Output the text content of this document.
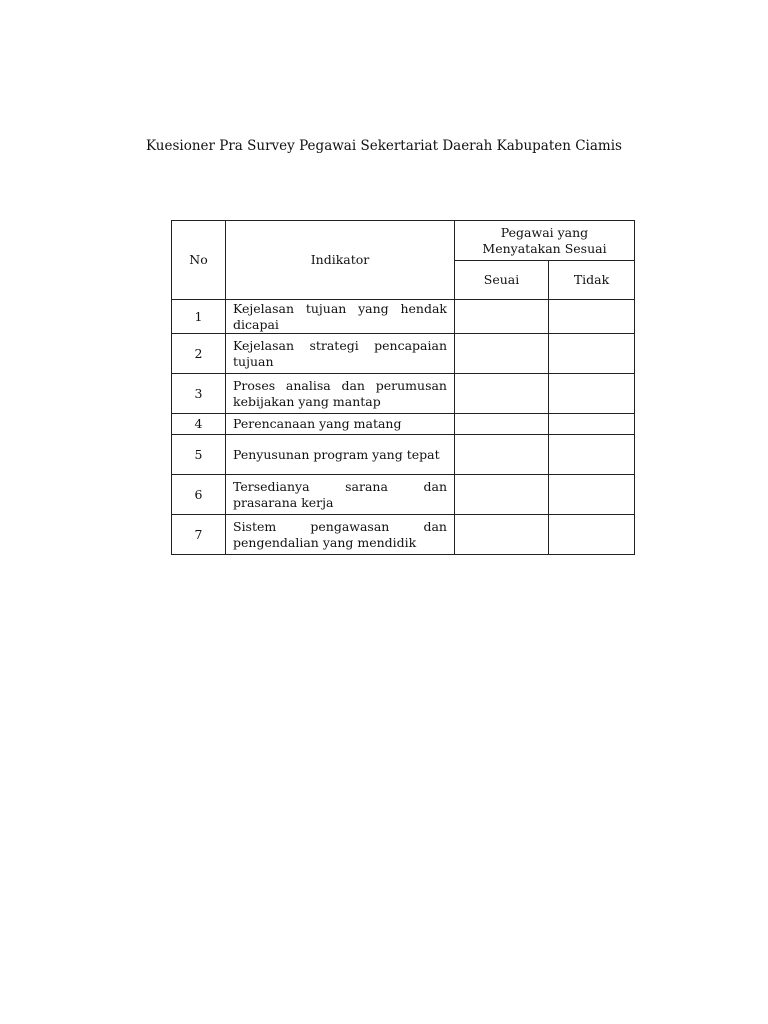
Kuesioner Pra Survey Pegawai Sekertariat Daerah Kabupaten Ciamis
No	Indikator	Pegawai yang Menyatakan Sesuai	
		Seuai	Tidak
1	Kejelasan tujuan yang hendak dicapai		
2	Kejelasan strategi pencapaian tujuan		
3	Proses analisa dan perumusan kebijakan yang mantap		
4	Perencanaan yang matang		
5	Penyusunan program yang tepat		
6	Tersedianya sarana dan prasarana kerja		
7	Sistem pengawasan dan pengendalian yang mendidik		
